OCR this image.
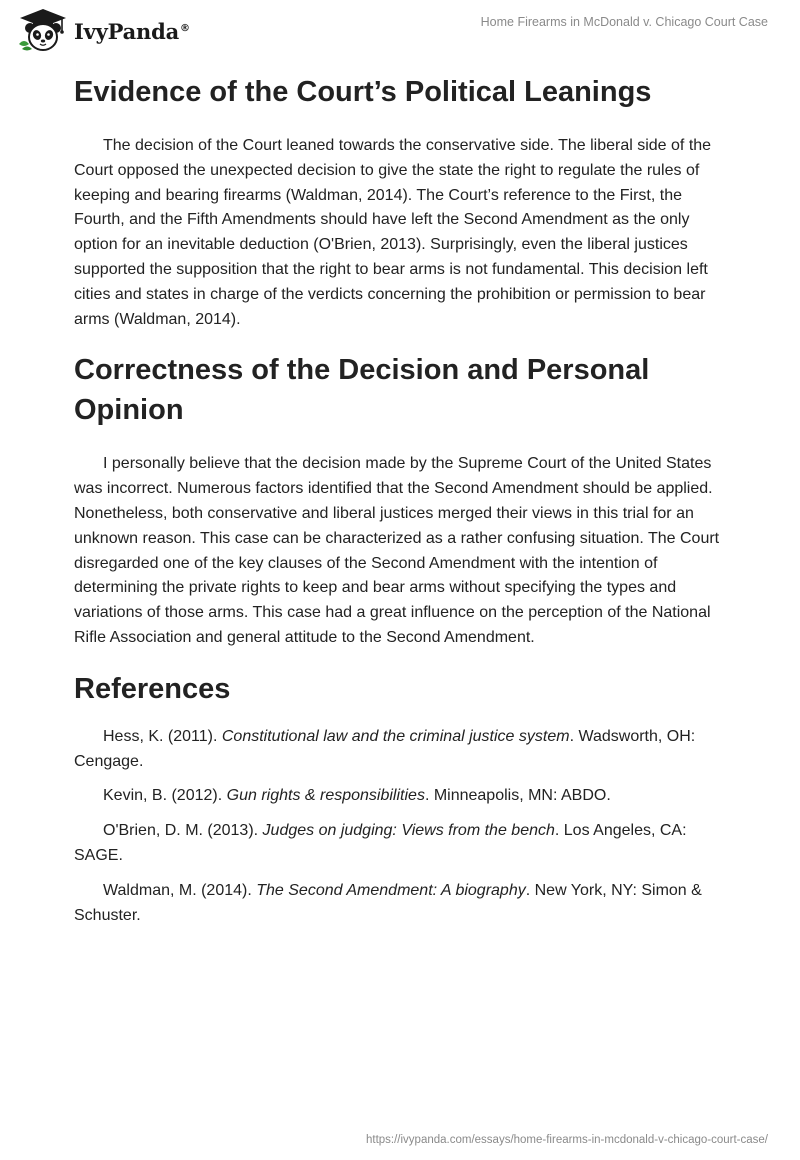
IvyPanda®	Home Firearms in McDonald v. Chicago Court Case
Evidence of the Court’s Political Leanings

The decision of the Court leaned towards the conservative side. The liberal side of the Court opposed the unexpected decision to give the state the right to regulate the rules of keeping and bearing firearms (Waldman, 2014). The Court’s reference to the First, the Fourth, and the Fifth Amendments should have left the Second Amendment as the only option for an inevitable deduction (O'Brien, 2013). Surprisingly, even the liberal justices supported the supposition that the right to bear arms is not fundamental. This decision left cities and states in charge of the verdicts concerning the prohibition or permission to bear arms (Waldman, 2014).

Correctness of the Decision and Personal Opinion

I personally believe that the decision made by the Supreme Court of the United States was incorrect. Numerous factors identified that the Second Amendment should be applied. Nonetheless, both conservative and liberal justices merged their views in this trial for an unknown reason. This case can be characterized as a rather confusing situation. The Court disregarded one of the key clauses of the Second Amendment with the intention of determining the private rights to keep and bear arms without specifying the types and variations of those arms. This case had a great influence on the perception of the National Rifle Association and general attitude to the Second Amendment.

References

Hess, K. (2011). Constitutional law and the criminal justice system. Wadsworth, OH: Cengage.

Kevin, B. (2012). Gun rights & responsibilities. Minneapolis, MN: ABDO.

O'Brien, D. M. (2013). Judges on judging: Views from the bench. Los Angeles, CA: SAGE.

Waldman, M. (2014). The Second Amendment: A biography. New York, NY: Simon & Schuster.

https://ivypanda.com/essays/home-firearms-in-mcdonald-v-chicago-court-case/
